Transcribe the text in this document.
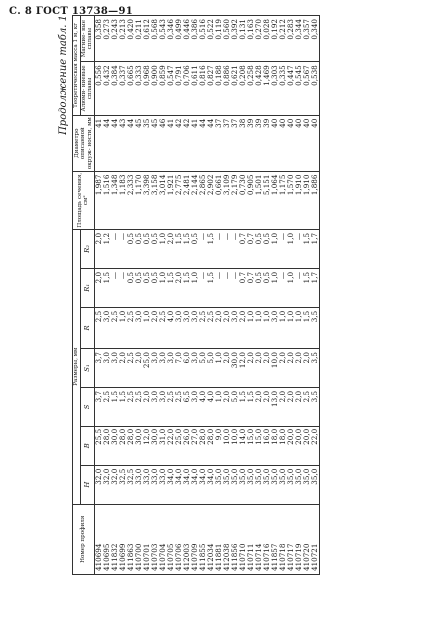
С. 8 ГОСТ 13738—91
Продолжение табл. 1
Номер профиля	Размеры, мм							Площадь сечения, см²	Диаметро описанной окруж- ности, мм	Теоретическая масса 1 м, кг	
	H	B	S	S₁	R	R₁	R₂			Алюми- ниевые сплавы	Магние- вые сплавы
410694	32,0	25,5	3,7	3,7	2,5	2,0	2,0	1,987	41	0,556	0,358
410695	32,0	28,0	2,5	3,0	3,0	1,5	1,2	1,516	44	0,432	0,273
411832	32,0	30,0	1,5	3,0	2,5	—	—	1,348	44	0,384	0,243
410699	32,5	28,0	1,5	2,0	1,0	—	—	1,183	43	0,337	0,213
411863	32,5	28,0	2,5	2,5	2,5	0,5	0,5	2,333	44	0,665	0,420
410700	33,0	30,0	2,5	2,0	3,0	0,5	0,5	1,170	45	0,333	0,211
410701	33,0	12,0	2,0	25,0	1,0	0,5	0,5	3,398	35	0,968	0,612
410703	33,0	30,0	3,0	3,0	2,0	0,5	0,5	3,158	45	0,900	0,568
410704	33,0	31,0	3,0	3,0	2,5	1,0	1,0	3,014	46	0,859	0,543
410705	34,0	22,0	2,5	3,0	4,0	1,5	2,0	1,921	41	0,547	0,346
410706	34,0	25,0	2,5	7,0	3,0	2,0	1,5	2,775	42	0,791	0,499
412003	34,0	26,0	6,5	6,0	3,0	1,5	1,5	2,481	42	0,706	0,446
410709	34,0	27,0	3,0	3,0	3,0	1,0	0,5	2,144	41	0,611	0,386
411855	34,0	28,0	4,0	5,0	2,5	—	—	2,865	44	0,816	0,516
412034	34,0	28,0	4,0	5,0	2,5	1,5	1,5	2,902	44	0,827	0,522
411881	35,0	9,0	1,0	1,0	2,0	—	—	0,661	37	0,188	0,119
412038	35,0	10,0	2,0	2,0	2,0	—	—	3,109	37	0,886	0,560
411856	35,0	10,0	5,0	30,0	3,0	—	—	2,179	37	0,621	0,392
410710	35,0	14,0	1,5	12,0	2,0	0,7	0,7	0,730	38	0,208	0,131
410711	35,0	15,0	1,5	2,0	1,0	0,7	0,7	0,905	39	0,258	0,163
410714	35,0	15,0	2,0	2,0	1,0	0,5	0,5	1,501	39	0,428	0,270
410716	35,0	16,0	2,0	2,0	1,0	0,5	0,5	5,151	39	1,469	0,028
411857	35,0	18,0	13,0	10,0	3,0	1,0	1,0	1,064	40	0,303	0,192
410718	35,0	18,0	2,0	2,0	1,0	—	—	1,175	40	0,335	0,212
410717	35,0	20,0	2,0	2,0	1,0	1,0	1,0	1,570	40	0,447	0,283
410719	35,0	20,0	2,0	2,0	1,0	—	—	1,910	40	0,545	0,344
410720	35,0	20,0	2,5	2,0	1,5	1,5	1,5	1,910	40	0,567	0,357
410721	35,0	22,0	3,5	3,5	3,5	1,7	1,7	1,886	40	0,538	0,340
